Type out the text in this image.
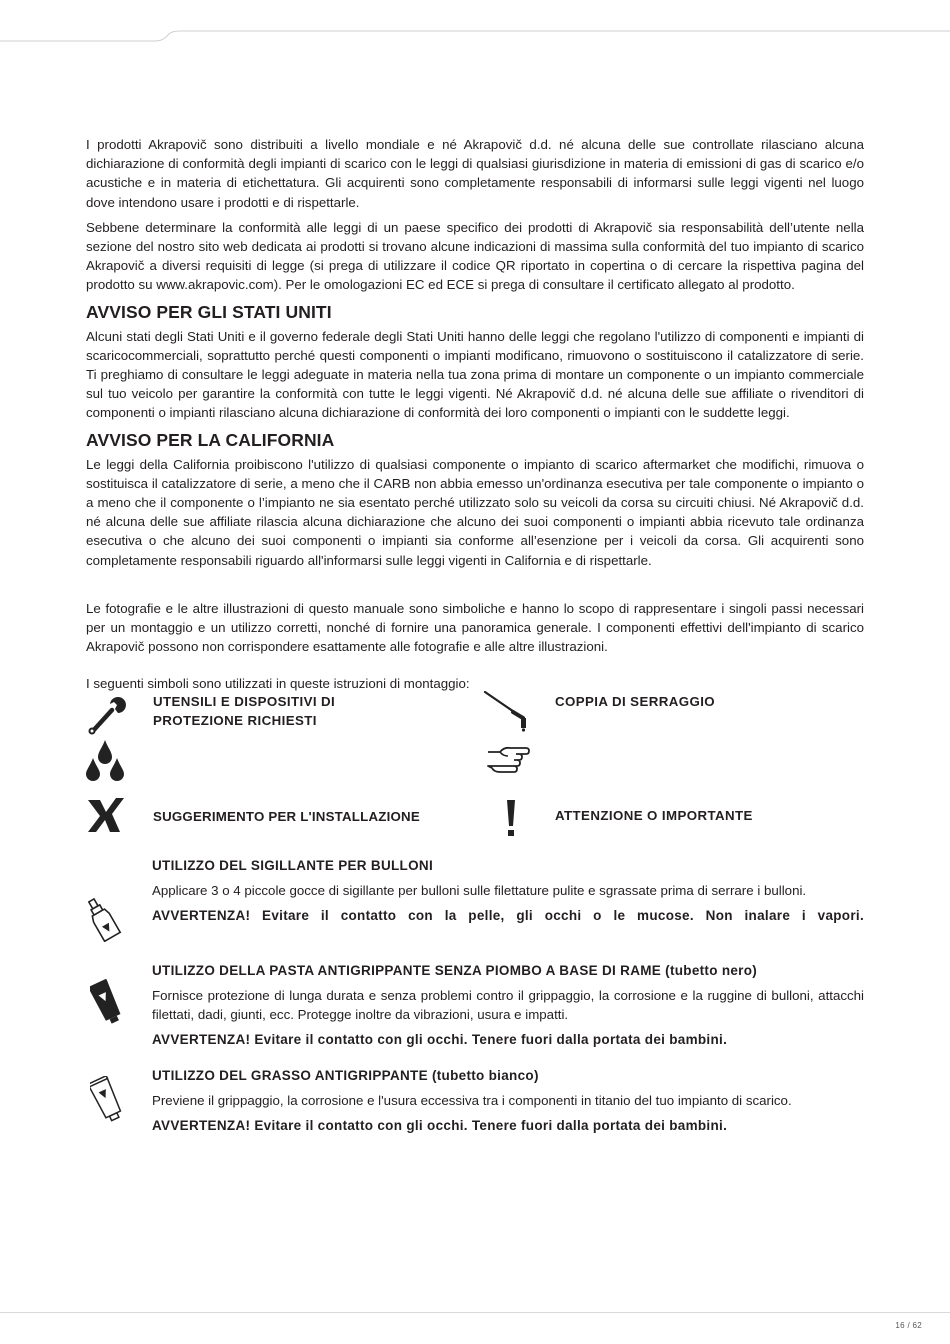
I prodotti Akrapovič sono distribuiti a livello mondiale e né Akrapovič d.d. né alcuna delle sue controllate rilasciano alcuna dichiarazione di conformità degli impianti di scarico con le leggi di qualsiasi giurisdizione in materia di emissioni di gas di scarico e/o acustiche e in materia di etichettatura. Gli acquirenti sono completamente responsabili di informarsi sulle leggi vigenti nel luogo dove intendono usare i prodotti e di rispettarle.

Sebbene determinare la conformità alle leggi di un paese specifico dei prodotti di Akrapovič sia responsabilità dell’utente nella sezione del nostro sito web dedicata ai prodotti si trovano alcune indicazioni di massima sulla conformità del tuo impianto di scarico Akrapovič a diversi requisiti di legge (si prega di utilizzare il codice QR riportato in copertina o di cercare la rispettiva pagina del prodotto su www.akrapovic.com). Per le omologazioni EC ed ECE si prega di consultare il certificato allegato al prodotto.

AVVISO PER GLI STATI UNITI

Alcuni stati degli Stati Uniti e il governo federale degli Stati Uniti hanno delle leggi che regolano l'utilizzo di componenti e impianti di scaricocommerciali, soprattutto perché questi componenti o impianti modificano, rimuovono o sostituiscono il catalizzatore di serie. Ti preghiamo di consultare le leggi adeguate in materia nella tua zona prima di montare un componente o un impianto commerciale sul tuo veicolo per garantire la conformità con tutte le leggi vigenti. Né Akrapovič d.d. né alcuna delle sue affiliate o rivenditori di componenti o impianti rilasciano alcuna dichiarazione di conformità dei loro componenti o impianti con le suddette leggi.

AVVISO PER LA CALIFORNIA

Le leggi della California proibiscono l'utilizzo di qualsiasi componente o impianto di scarico aftermarket che modifichi, rimuova o sostituisca il catalizzatore di serie, a meno che il CARB non abbia emesso un'ordinanza esecutiva per tale componente o impianto o a meno che il componente o l’impianto ne sia esentato perché utilizzato solo su veicoli da corsa su circuiti chiusi. Né Akrapovič d.d. né alcuna delle sue affiliate rilascia alcuna dichiarazione che alcuno dei suoi componenti o impianti abbia ricevuto tale ordinanza esecutiva o che alcuno dei suoi componenti o impianti sia conforme all’esenzione per i veicoli da corsa. Gli acquirenti sono completamente responsabili riguardo all'informarsi sulle leggi vigenti in California e di rispettarle.

Le fotografie e le altre illustrazioni di questo manuale sono simboliche e hanno lo scopo di rappresentare i singoli passi necessari per un montaggio e un utilizzo corretti, nonché di fornire una panoramica generale. I componenti effettivi dell'impianto di scarico Akrapovič possono non corrispondere esattamente alle fotografie e alle altre illustrazioni.

I seguenti simboli sono utilizzati in queste istruzioni di montaggio:

UTENSILI E DISPOSITIVI DI
PROTEZIONE RICHIESTI
COPPIA DI SERRAGGIO
SUGGERIMENTO PER L'INSTALLAZIONE	ATTENZIONE O IMPORTANTE
UTILIZZO DEL SIGILLANTE PER BULLONI
Applicare 3 o 4 piccole gocce di sigillante per bulloni sulle filettature pulite e sgrassate prima di serrare i bulloni.
AVVERTENZA! Evitare il contatto con la pelle, gli occhi o le mucose. Non inalare i vapori.
UTILIZZO DELLA PASTA ANTIGRIPPANTE SENZA PIOMBO A BASE DI RAME (tubetto nero)
Fornisce protezione di lunga durata e senza problemi contro il grippaggio, la corrosione e la ruggine di bulloni, attacchi filettati, dadi, giunti, ecc. Protegge inoltre da vibrazioni, usura e impatti.
AVVERTENZA! Evitare il contatto con gli occhi. Tenere fuori dalla portata dei bambini.
UTILIZZO DEL GRASSO ANTIGRIPPANTE (tubetto bianco)
Previene il grippaggio, la corrosione e l'usura eccessiva tra i componenti in titanio del tuo impianto di scarico.
AVVERTENZA! Evitare il contatto con gli occhi. Tenere fuori dalla portata dei bambini.
16 / 62
